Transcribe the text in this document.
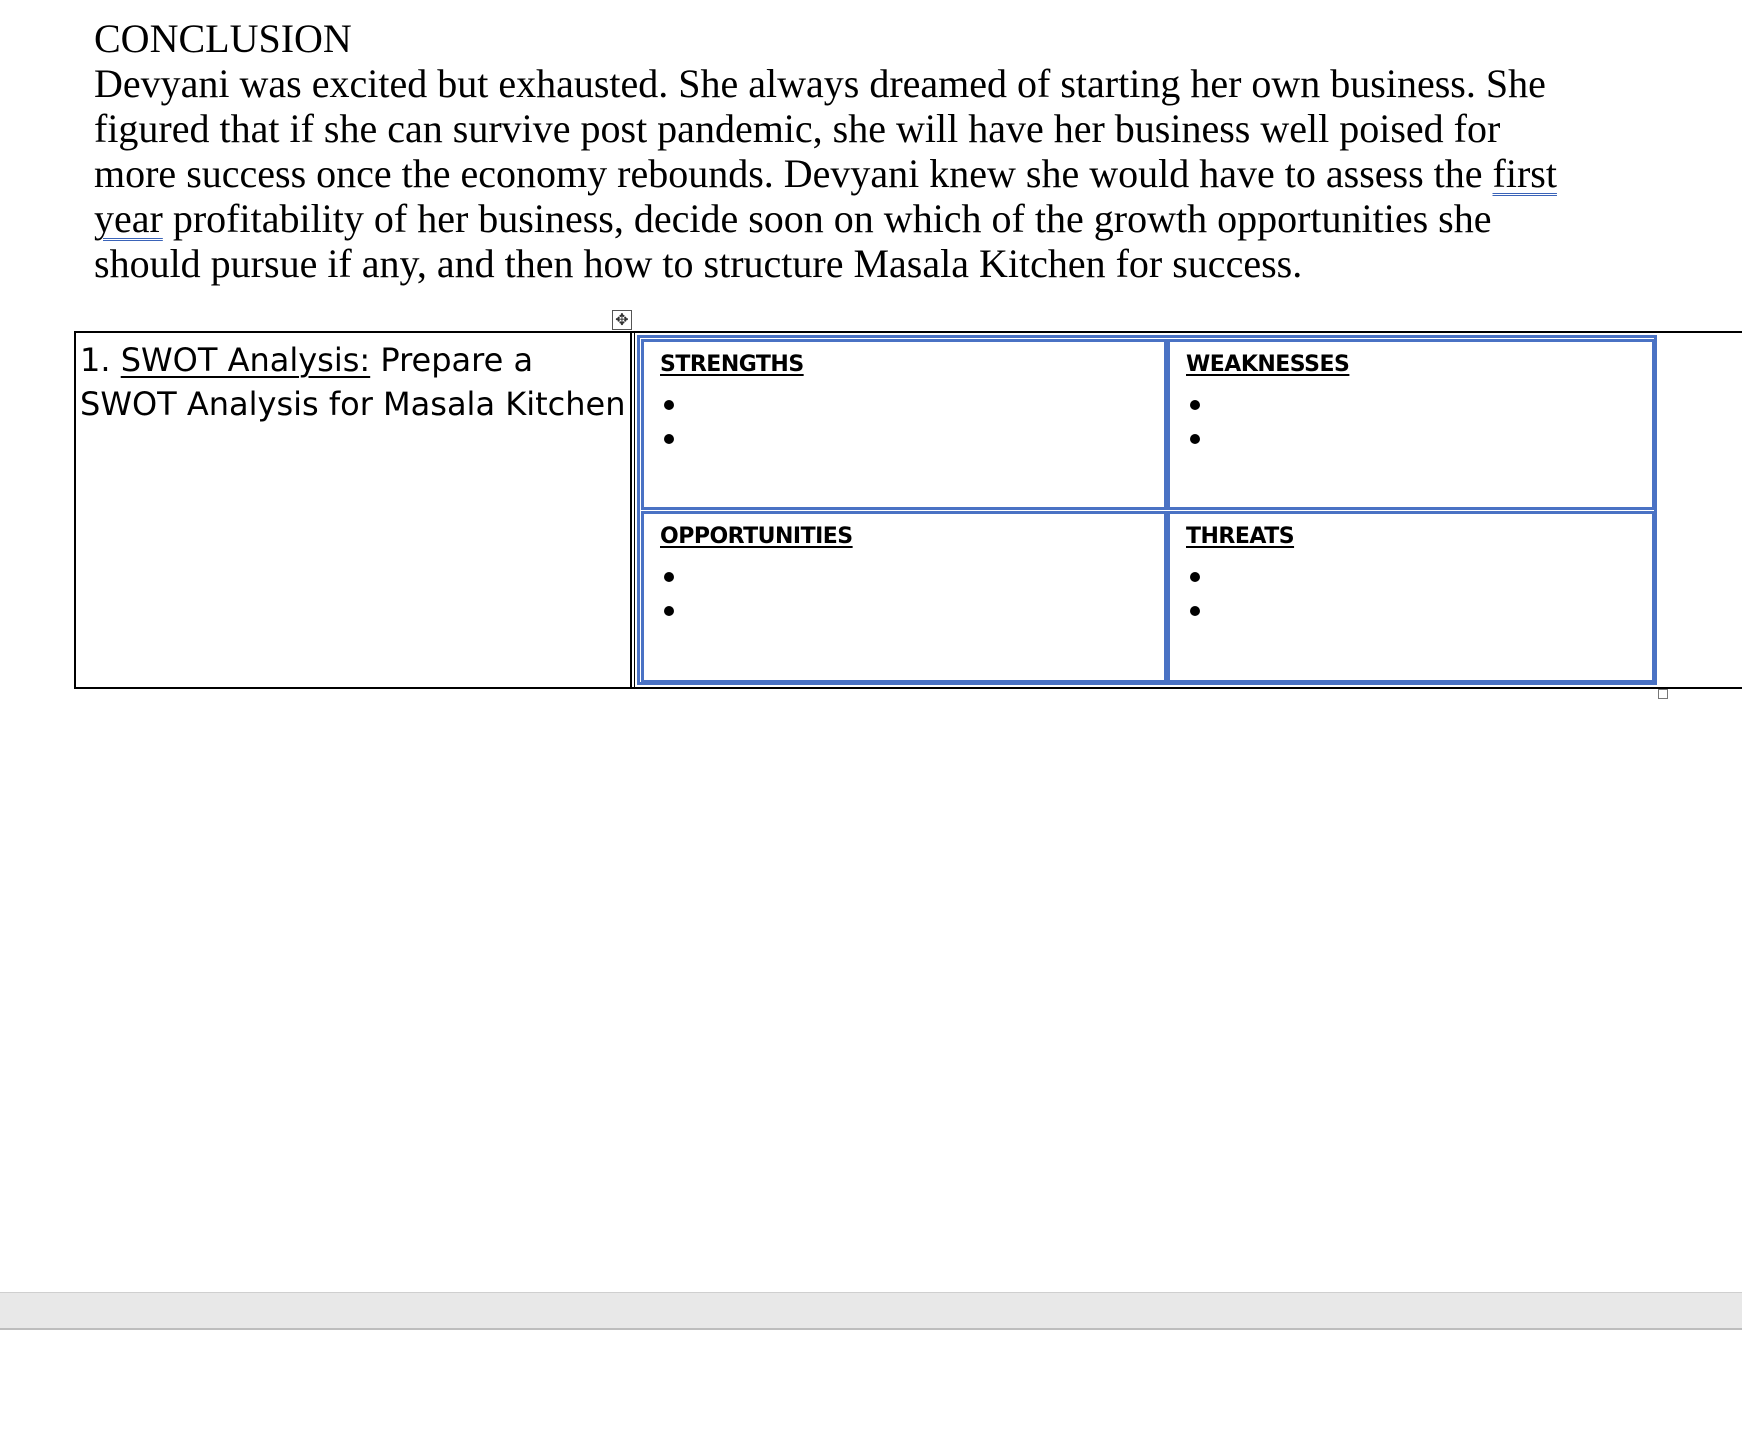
CONCLUSION
Devyani was excited but exhausted. She always dreamed of starting her own business. She
figured that if she can survive post pandemic, she will have her business well poised for
more success once the economy rebounds. Devyani knew she would have to assess the first
year profitability of her business, decide soon on which of the growth opportunities she
should pursue if any, and then how to structure Masala Kitchen for success.
✥
1. SWOT Analysis: Prepare a SWOT Analysis for Masala Kitchen
STRENGTHS	WEAKNESSES
OPPORTUNITIES	THREATS
